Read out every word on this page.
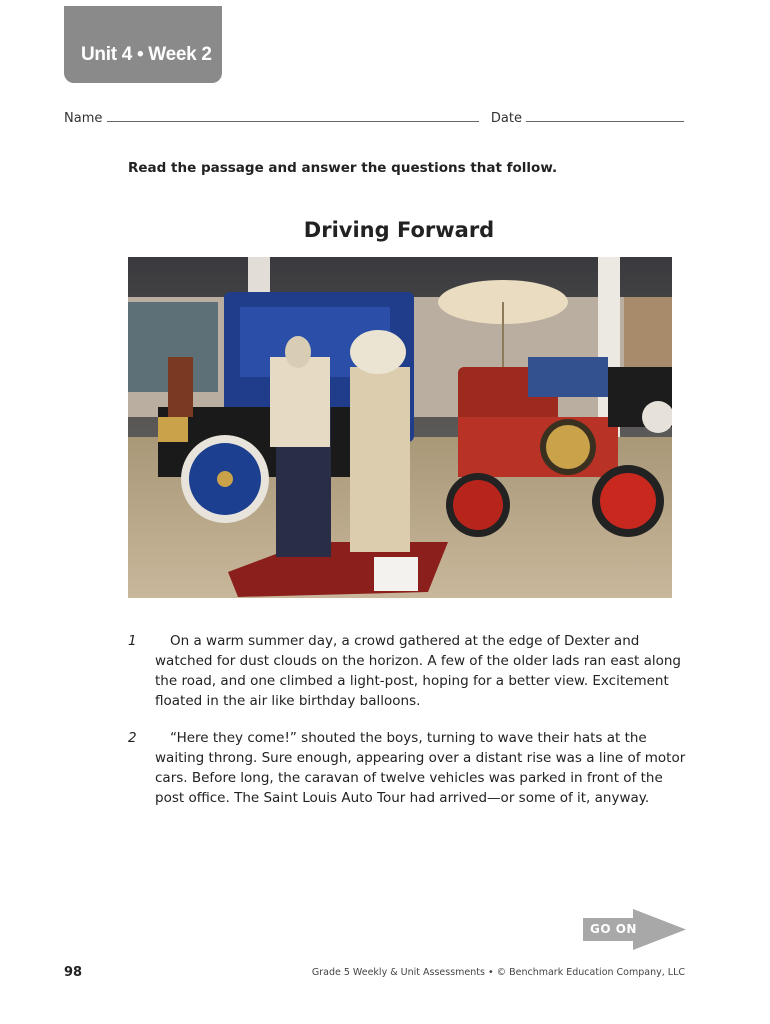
Unit 4 • Week 2
Name	Date
Read the passage and answer the questions that follow.
Driving Forward
1	On a warm summer day, a crowd gathered at the edge of Dexter and watched for dust clouds on the horizon. A few of the older lads ran east along the road, and one climbed a light-post, hoping for a better view. Excitement floated in the air like birthday balloons.
2	“Here they come!” shouted the boys, turning to wave their hats at the waiting throng. Sure enough, appearing over a distant rise was a line of motor cars. Before long, the caravan of twelve vehicles was parked in front of the post office. The Saint Louis Auto Tour had arrived—or some of it, anyway.
GO ON
98	Grade 5 Weekly & Unit Assessments • © Benchmark Education Company, LLC
